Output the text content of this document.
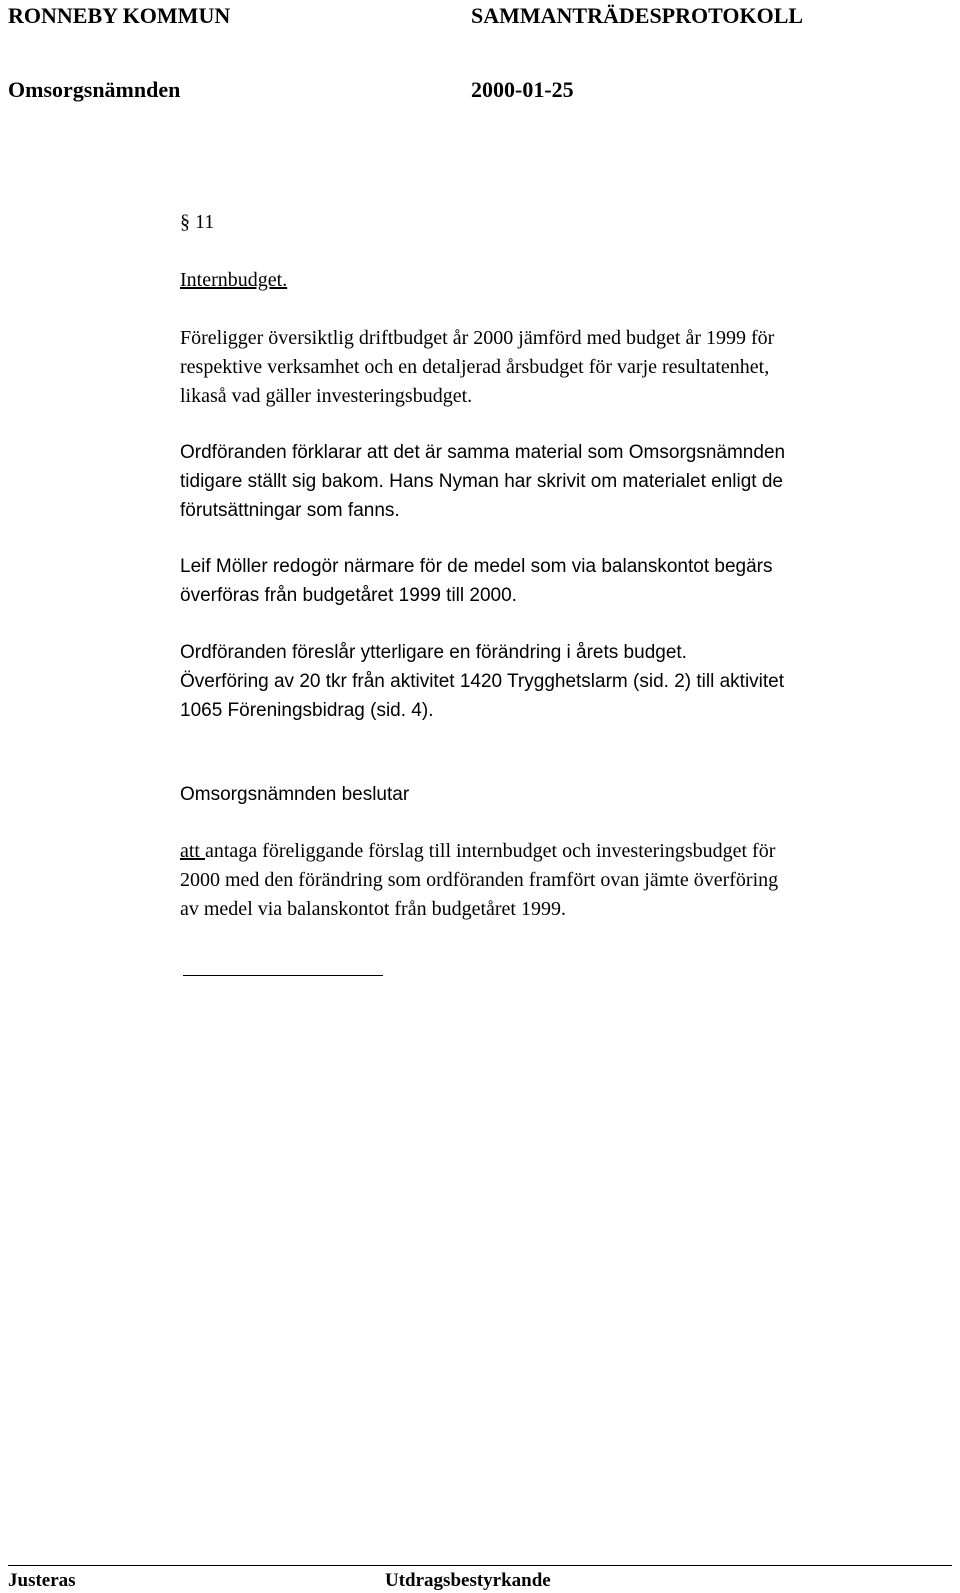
RONNEBY KOMMUN	SAMMANTRÄDESPROTOKOLL
Omsorgsnämnden	2000-01-25
§ 11
Internbudget.
Föreligger översiktlig driftbudget år 2000 jämförd med budget år 1999 för
respektive verksamhet och en detaljerad årsbudget för varje resultatenhet,
likaså vad gäller investeringsbudget.
Ordföranden förklarar att det är samma material som Omsorgsnämnden
tidigare ställt sig bakom. Hans Nyman har skrivit om materialet enligt de
förutsättningar som fanns.
Leif Möller redogör närmare för de medel som via balanskontot begärs
överföras från budgetåret 1999 till 2000.
Ordföranden föreslår ytterligare en förändring i årets budget.
Överföring av 20 tkr från aktivitet 1420 Trygghetslarm (sid. 2) till aktivitet
1065 Föreningsbidrag (sid. 4).
Omsorgsnämnden beslutar
att antaga föreliggande förslag till internbudget och investeringsbudget för
2000 med den förändring som ordföranden framfört ovan jämte överföring
av medel via balanskontot från budgetåret 1999.
Justeras	Utdragsbestyrkande
